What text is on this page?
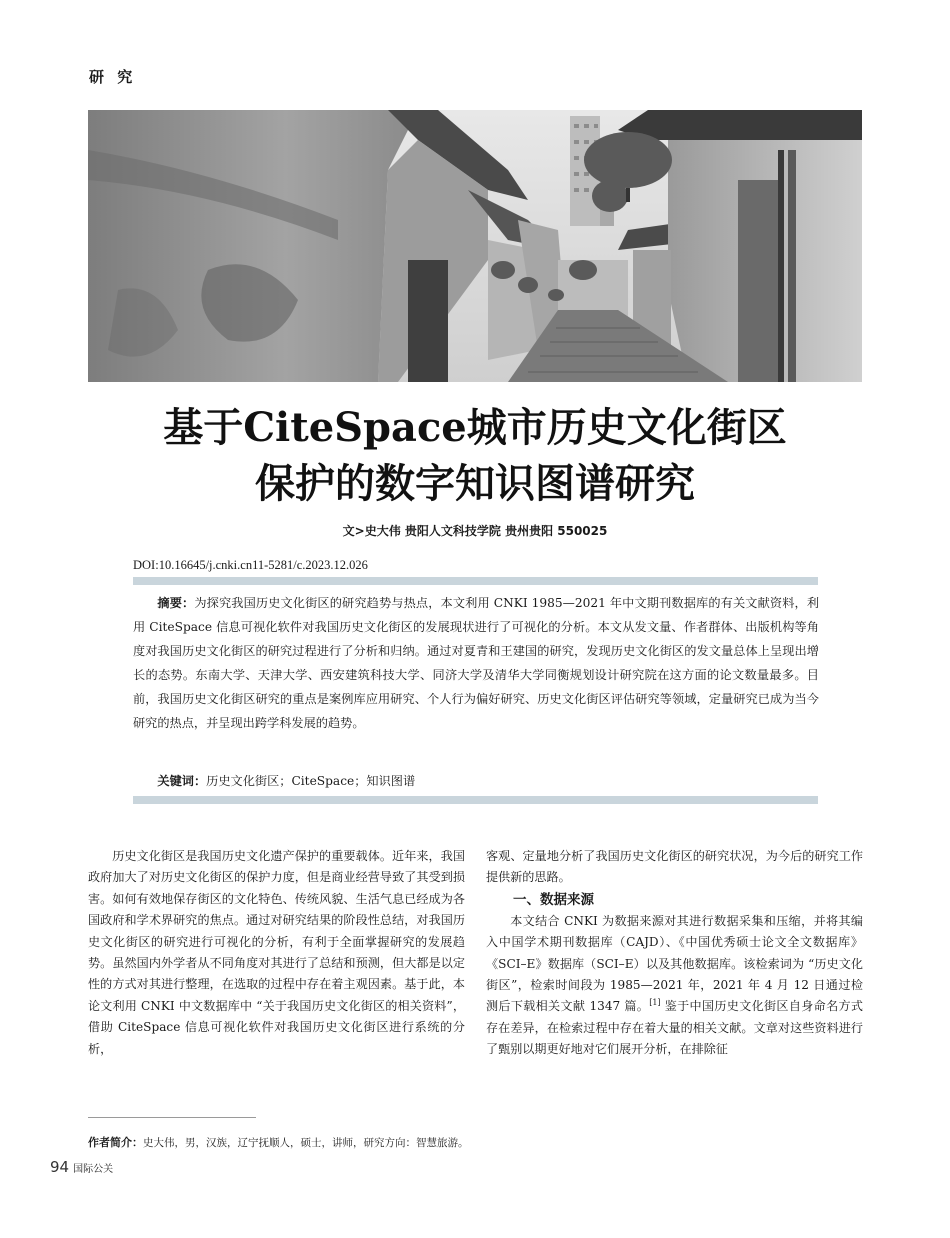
研 究
基于CiteSpace城市历史文化街区
保护的数字知识图谱研究
文>史大伟 贵阳人文科技学院 贵州贵阳 550025
DOI:10.16645/j.cnki.cn11-5281/c.2023.12.026
摘要：为探究我国历史文化街区的研究趋势与热点，本文利用 CNKI 1985—2021 年中文期刊数据库的有关文献资料，利用 CiteSpace 信息可视化软件对我国历史文化街区的发展现状进行了可视化的分析。本文从发文量、作者群体、出版机构等角度对我国历史文化街区的研究过程进行了分析和归纳。通过对夏青和王建国的研究，发现历史文化街区的发文量总体上呈现出增长的态势。东南大学、天津大学、西安建筑科技大学、同济大学及清华大学同衡规划设计研究院在这方面的论文数量最多。目前，我国历史文化街区研究的重点是案例库应用研究、个人行为偏好研究、历史文化街区评估研究等领域，定量研究已成为当今研究的热点，并呈现出跨学科发展的趋势。
关键词：历史文化街区；CiteSpace；知识图谱

历史文化街区是我国历史文化遗产保护的重要载体。近年来，我国政府加大了对历史文化街区的保护力度，但是商业经营导致了其受到损害。如何有效地保存街区的文化特色、传统风貌、生活气息已经成为各国政府和学术界研究的焦点。通过对研究结果的阶段性总结，对我国历史文化街区的研究进行可视化的分析，有利于全面掌握研究的发展趋势。虽然国内外学者从不同角度对其进行了总结和预测，但大都是以定性的方式对其进行整理，在选取的过程中存在着主观因素。基于此，本论文利用 CNKI 中文数据库中 “关于我国历史文化街区的相关资料”，借助 CiteSpace 信息可视化软件对我国历史文化街区进行系统的分析，

客观、定量地分析了我国历史文化街区的研究状况，为今后的研究工作提供新的思路。

一、数据来源

本文结合 CNKI 为数据来源对其进行数据采集和压缩，并将其编入中国学术期刊数据库（CAJD）、《中国优秀硕士论文全文数据库》《SCI–E》数据库（SCI–E）以及其他数据库。该检索词为 “历史文化街区”，检索时间段为 1985—2021 年，2021 年 4 月 12 日通过检测后下载相关文献 1347 篇。[1] 鉴于中国历史文化街区自身命名方式存在差异，在检索过程中存在着大量的相关文献。文章对这些资料进行了甄别以期更好地对它们展开分析，在排除征

作者简介：史大伟，男，汉族，辽宁抚顺人，硕士，讲师，研究方向：智慧旅游。
94 国际公关
